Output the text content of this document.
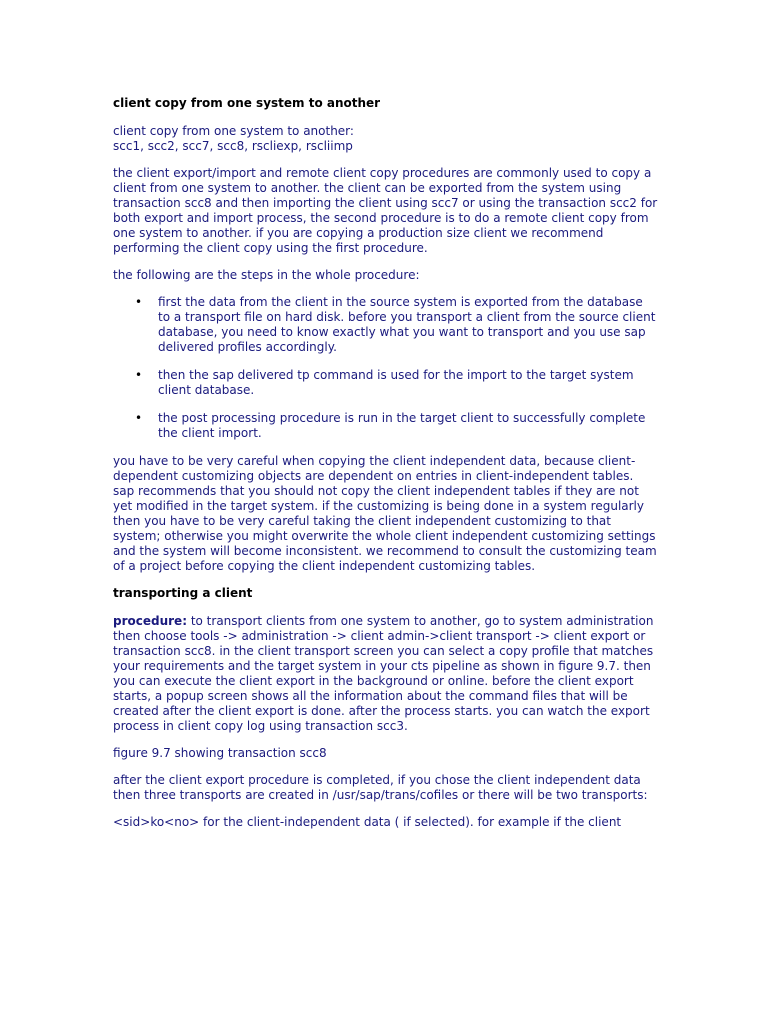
client copy from one system to another
client copy from one system to another:
scc1, scc2, scc7, scc8, rscliexp, rscliimp
the client export/import and remote client copy procedures are commonly used to copy a client from one system to another. the client can be exported from the system using transaction scc8 and then importing the client using scc7 or using the transaction scc2 for both export and import process, the second procedure is to do a remote client copy from one system to another. if you are copying a production size client we recommend performing the client copy using the first procedure.
the following are the steps in the whole procedure:
• first the data from the client in the source system is exported from the database to a transport file on hard disk. before you transport a client from the source client database, you need to know exactly what you want to transport and you use sap delivered profiles accordingly.
• then the sap delivered tp command is used for the import to the target system client database.
• the post processing procedure is run in the target client to successfully complete the client import.
you have to be very careful when copying the client independent data, because client-dependent customizing objects are dependent on entries in client-independent tables. sap recommends that you should not copy the client independent tables if they are not yet modified in the target system. if the customizing is being done in a system regularly then you have to be very careful taking the client independent customizing to that system; otherwise you might overwrite the whole client independent customizing settings and the system will become inconsistent. we recommend to consult the customizing team of a project before copying the client independent customizing tables.
transporting a client
procedure: to transport clients from one system to another, go to system administration then choose tools -> administration -> client admin->client transport -> client export or transaction scc8. in the client transport screen you can select a copy profile that matches your requirements and the target system in your cts pipeline as shown in figure 9.7. then you can execute the client export in the background or online. before the client export starts, a popup screen shows all the information about the command files that will be created after the client export is done. after the process starts. you can watch the export process in client copy log using transaction scc3.
figure 9.7 showing transaction scc8
after the client export procedure is completed, if you chose the client independent data then three transports are created in /usr/sap/trans/cofiles or there will be two transports:
<sid>ko<no> for the client-independent data ( if selected). for example if the client
